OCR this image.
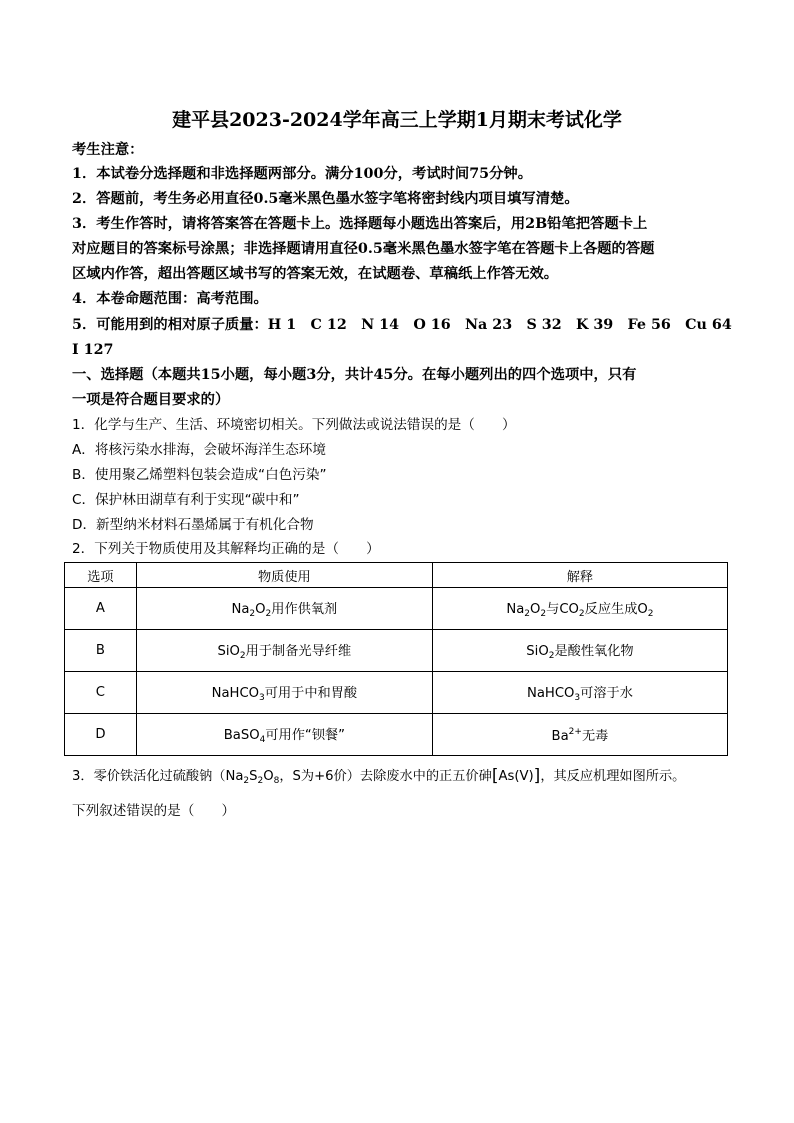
建平县2023-2024学年高三上学期1月期末考试化学
考生注意：
1．本试卷分选择题和非选择题两部分。满分100分，考试时间75分钟。
2．答题前，考生务必用直径0.5毫米黑色墨水签字笔将密封线内项目填写清楚。
3．考生作答时，请将答案答在答题卡上。选择题每小题选出答案后，用2B铅笔把答题卡上
对应题目的答案标号涂黑；非选择题请用直径0.5毫米黑色墨水签字笔在答题卡上各题的答题
区域内作答，超出答题区域书写的答案无效，在试题卷、草稿纸上作答无效。
4．本卷命题范围：高考范围。
5．可能用到的相对原子质量：H 1　C 12　N 14　O 16　Na 23　S 32　K 39　Fe 56　Cu 64
I 127
一、选择题（本题共15小题，每小题3分，共计45分。在每小题列出的四个选项中，只有
一项是符合题目要求的）
1．化学与生产、生活、环境密切相关。下列做法或说法错误的是（　　）
A．将核污染水排海，会破坏海洋生态环境
B．使用聚乙烯塑料包装会造成“白色污染”
C．保护林田湖草有利于实现“碳中和”
D．新型纳米材料石墨烯属于有机化合物
2．下列关于物质使用及其解释均正确的是（　　）
选项	物质使用	解释
A	$Na_2O_2$用作供氧剂	$Na_2O_2$与$CO_2$反应生成$O_2$
B	SiO$_2$用于制备光导纤维	SiO$_2$是酸性氧化物
C	NaHCO$_3$可用于中和胃酸	NaHCO$_3$可溶于水
D	BaSO$_4$可用作“钡餐”	$Ba^{2+}$无毒
3．零价铁活化过硫酸钠（$Na_2S_2O_8$，S为+6价）去除废水中的正五价砷[As(V)]，其反应机理如图所示。
下列叙述错误的是（　　）
